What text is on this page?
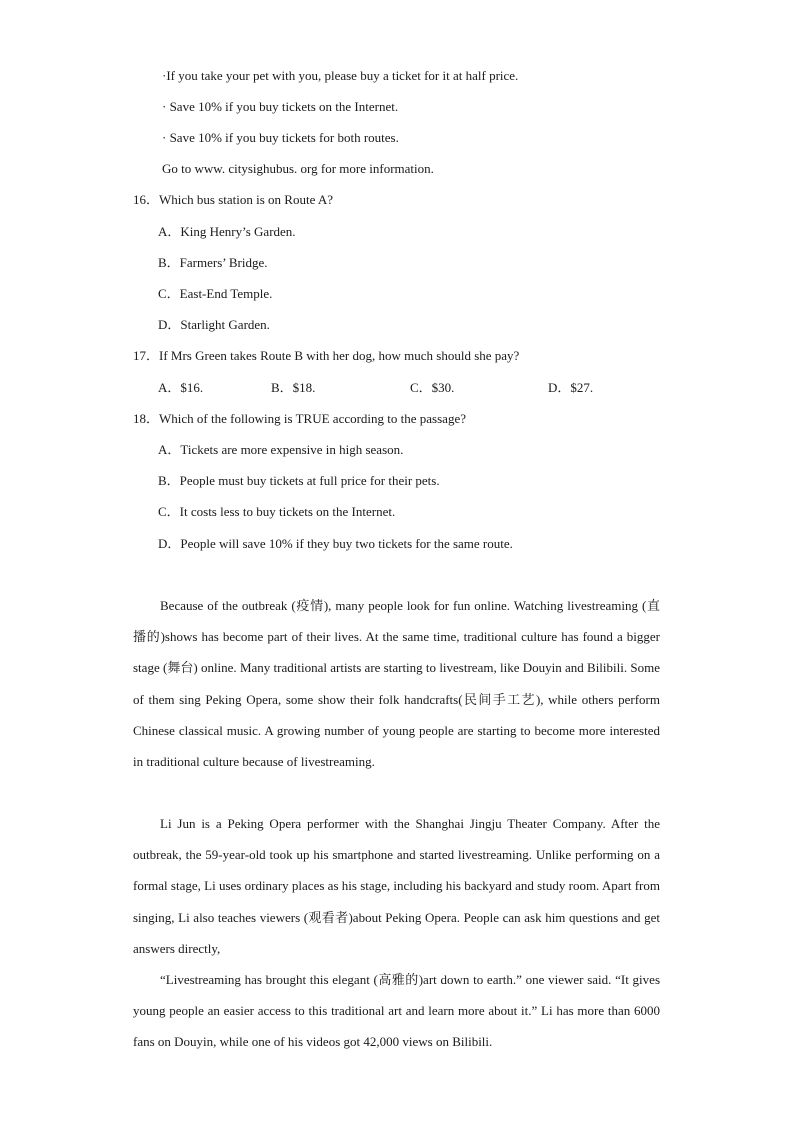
·If you take your pet with you, please buy a ticket for it at half price.
· Save 10% if you buy tickets on the Internet.
· Save 10% if you buy tickets for both routes.
Go to www. citysighubus. org for more information.
16．Which bus station is on Route A?
A．King Henry’s Garden.
B．Farmers’ Bridge.
C．East-End Temple.
D．Starlight Garden.
17．If Mrs Green takes Route B with her dog, how much should she pay?
A．$16.	B．$18.	C．$30.	D．$27.
18．Which of the following is TRUE according to the passage?
A．Tickets are more expensive in high season.
B．People must buy tickets at full price for their pets.
C．It costs less to buy tickets on the Internet.
D．People will save 10% if they buy two tickets for the same route.

Because of the outbreak (疫情), many people look for fun online. Watching livestreaming (直播的)shows has become part of their lives. At the same time, traditional culture has found a bigger stage (舞台) online. Many traditional artists are starting to livestream, like Douyin and Bilibili. Some of them sing Peking Opera, some show their folk handcrafts(民间手工艺), while others perform Chinese classical music. A growing number of young people are starting to become more interested in traditional culture because of livestreaming.

Li Jun is a Peking Opera performer with the Shanghai Jingju Theater Company. After the outbreak, the 59-year-old took up his smartphone and started livestreaming. Unlike performing on a formal stage, Li uses ordinary places as his stage, including his backyard and study room. Apart from singing, Li also teaches viewers (观看者)about Peking Opera. People can ask him questions and get answers directly,

“Livestreaming has brought this elegant (高雅的)art down to earth.” one viewer said. “It gives young people an easier access to this traditional art and learn more about it.” Li has more than 6000 fans on Douyin, while one of his videos got 42,000 views on Bilibili.
